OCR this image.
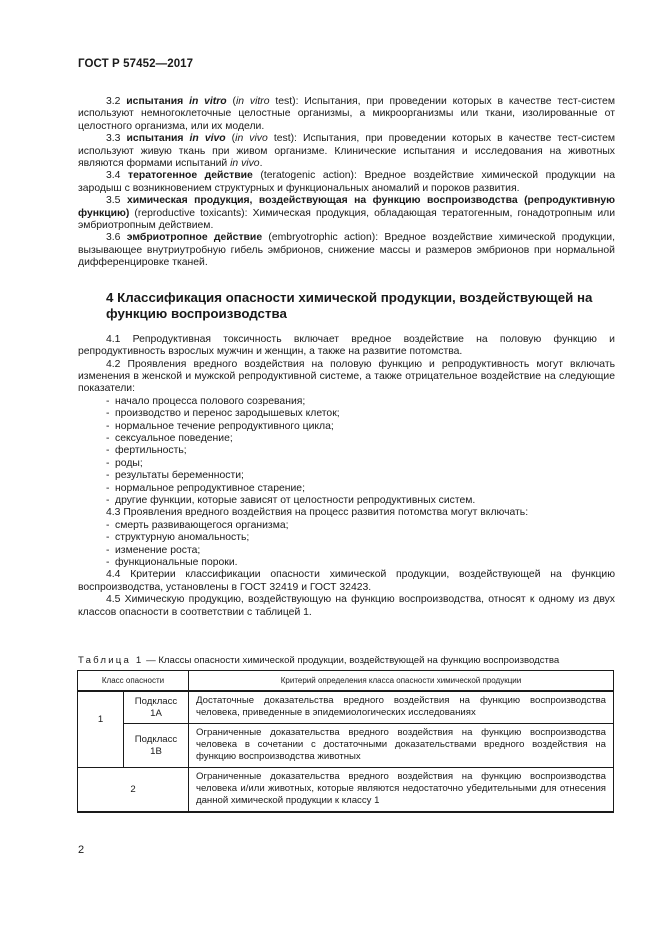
ГОСТ Р 57452—2017

3.2 испытания in vitro (in vitro test): Испытания, при проведении которых в качестве тест-систем используют немногоклеточные целостные организмы, а микроорганизмы или ткани, изолированные от целостного организма, или их модели.

3.3 испытания in vivo (in vivo test): Испытания, при проведении которых в качестве тест-систем используют живую ткань при живом организме. Клинические испытания и исследования на животных являются формами испытаний in vivo.

3.4 тератогенное действие (teratogenic action): Вредное воздействие химической продукции на зародыш с возникновением структурных и функциональных аномалий и пороков развития.

3.5 химическая продукция, воздействующая на функцию воспроизводства (репродуктивную функцию) (reproductive toxicants): Химическая продукция, обладающая тератогенным, гонадотропным или эмбриотропным действием.

3.6 эмбриотропное действие (embryotrophic action): Вредное воздействие химической продукции, вызывающее внутриутробную гибель эмбрионов, снижение массы и размеров эмбрионов при нормальной дифференцировке тканей.

4 Классификация опасности химической продукции, воздействующей на функцию воспроизводства

4.1 Репродуктивная токсичность включает вредное воздействие на половую функцию и репродуктивность взрослых мужчин и женщин, а также на развитие потомства.

4.2 Проявления вредного воздействия на половую функцию и репродуктивность могут включать изменения в женской и мужской репродуктивной системе, а также отрицательное воздействие на следующие показатели:

- начало процесса полового созревания;
- производство и перенос зародышевых клеток;
- нормальное течение репродуктивного цикла;
- сексуальное поведение;
- фертильность;
- роды;
- результаты беременности;
- нормальное репродуктивное старение;
- другие функции, которые зависят от целостности репродуктивных систем.

4.3 Проявления вредного воздействия на процесс развития потомства могут включать:

- смерть развивающегося организма;
- структурную аномальность;
- изменение роста;
- функциональные пороки.

4.4 Критерии классификации опасности химической продукции, воздействующей на функцию воспроизводства, установлены в ГОСТ 32419 и ГОСТ 32423.

4.5 Химическую продукцию, воздействующую на функцию воспроизводства, относят к одному из двух классов опасности в соответствии с таблицей 1.

Таблица 1 — Классы опасности химической продукции, воздействующей на функцию воспроизводства
Класс опасности		Критерий определения класса опасности химической продукции
1	Подкласс 1А	Достаточные доказательства вредного воздействия на функцию воспроизводства человека, приведенные в эпидемиологических исследованиях
	Подкласс 1В	Ограниченные доказательства вредного воздействия на функцию воспроизводства человека в сочетании с достаточными доказательствами вредного воздействия на функцию воспроизводства животных
2		Ограниченные доказательства вредного воздействия на функцию воспроизводства человека и/или животных, которые являются недостаточно убедительными для отнесения данной химической продукции к классу 1
2
